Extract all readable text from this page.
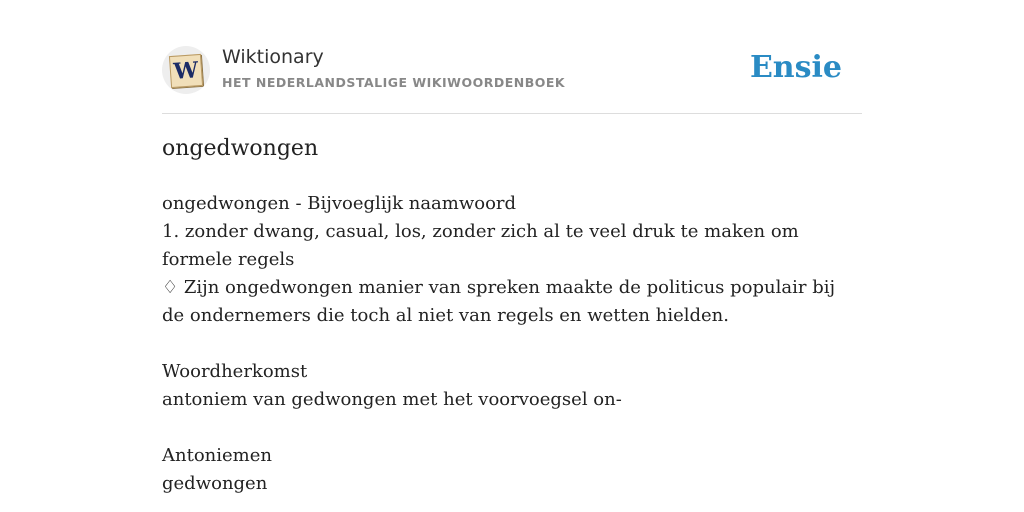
W
Wiktionary
HET NEDERLANDSTALIGE WIKIWOORDENBOEK	Ensie
ongedwongen
ongedwongen - Bijvoeglijk naamwoord
1. zonder dwang, casual, los, zonder zich al te veel druk te maken om formele regels
♢ Zijn ongedwongen manier van spreken maakte de politicus populair bij de ondernemers die toch al niet van regels en wetten hielden.
Woordherkomst
antoniem van gedwongen met het voorvoegsel on-
Antoniemen
gedwongen
